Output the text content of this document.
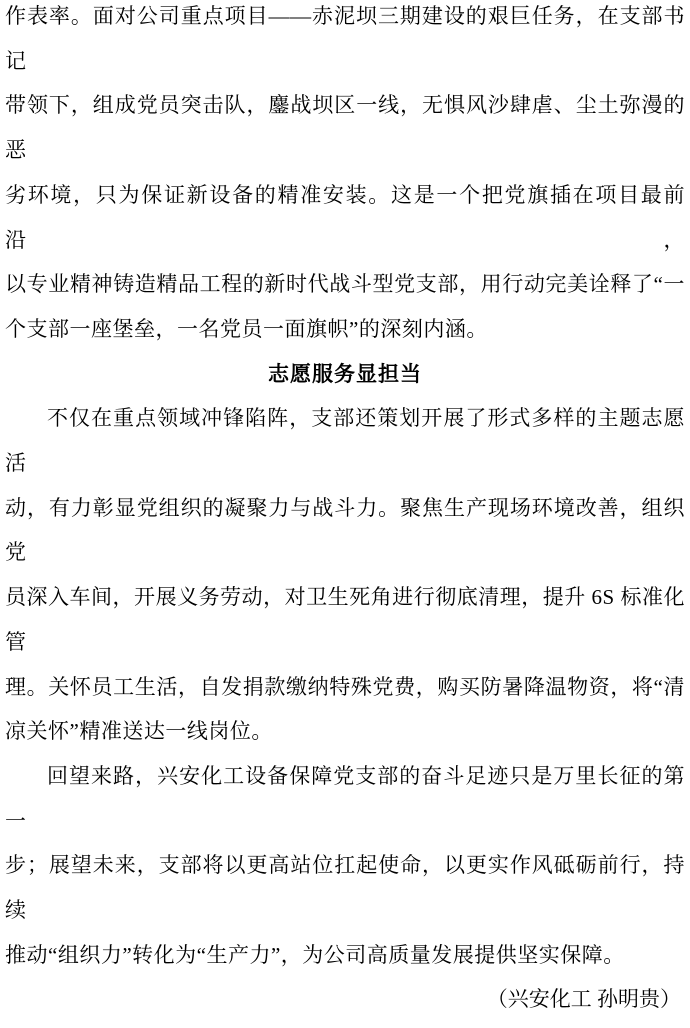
作表率。面对公司重点项目——赤泥坝三期建设的艰巨任务，在支部书记
带领下，组成党员突击队，鏖战坝区一线，无惧风沙肆虐、尘土弥漫的恶
劣环境，只为保证新设备的精准安装。这是一个把党旗插在项目最前沿，
以专业精神铸造精品工程的新时代战斗型党支部，用行动完美诠释了“一
个支部一座堡垒，一名党员一面旗帜”的深刻内涵。
志愿服务显担当
不仅在重点领域冲锋陷阵，支部还策划开展了形式多样的主题志愿活
动，有力彰显党组织的凝聚力与战斗力。聚焦生产现场环境改善，组织党
员深入车间，开展义务劳动，对卫生死角进行彻底清理，提升 6S 标准化管
理。关怀员工生活，自发捐款缴纳特殊党费，购买防暑降温物资，将“清
凉关怀”精准送达一线岗位。
回望来路，兴安化工设备保障党支部的奋斗足迹只是万里长征的第一
步；展望未来，支部将以更高站位扛起使命，以更实作风砥砺前行，持续
推动“组织力”转化为“生产力”，为公司高质量发展提供坚实保障。
（兴安化工 孙明贵）
